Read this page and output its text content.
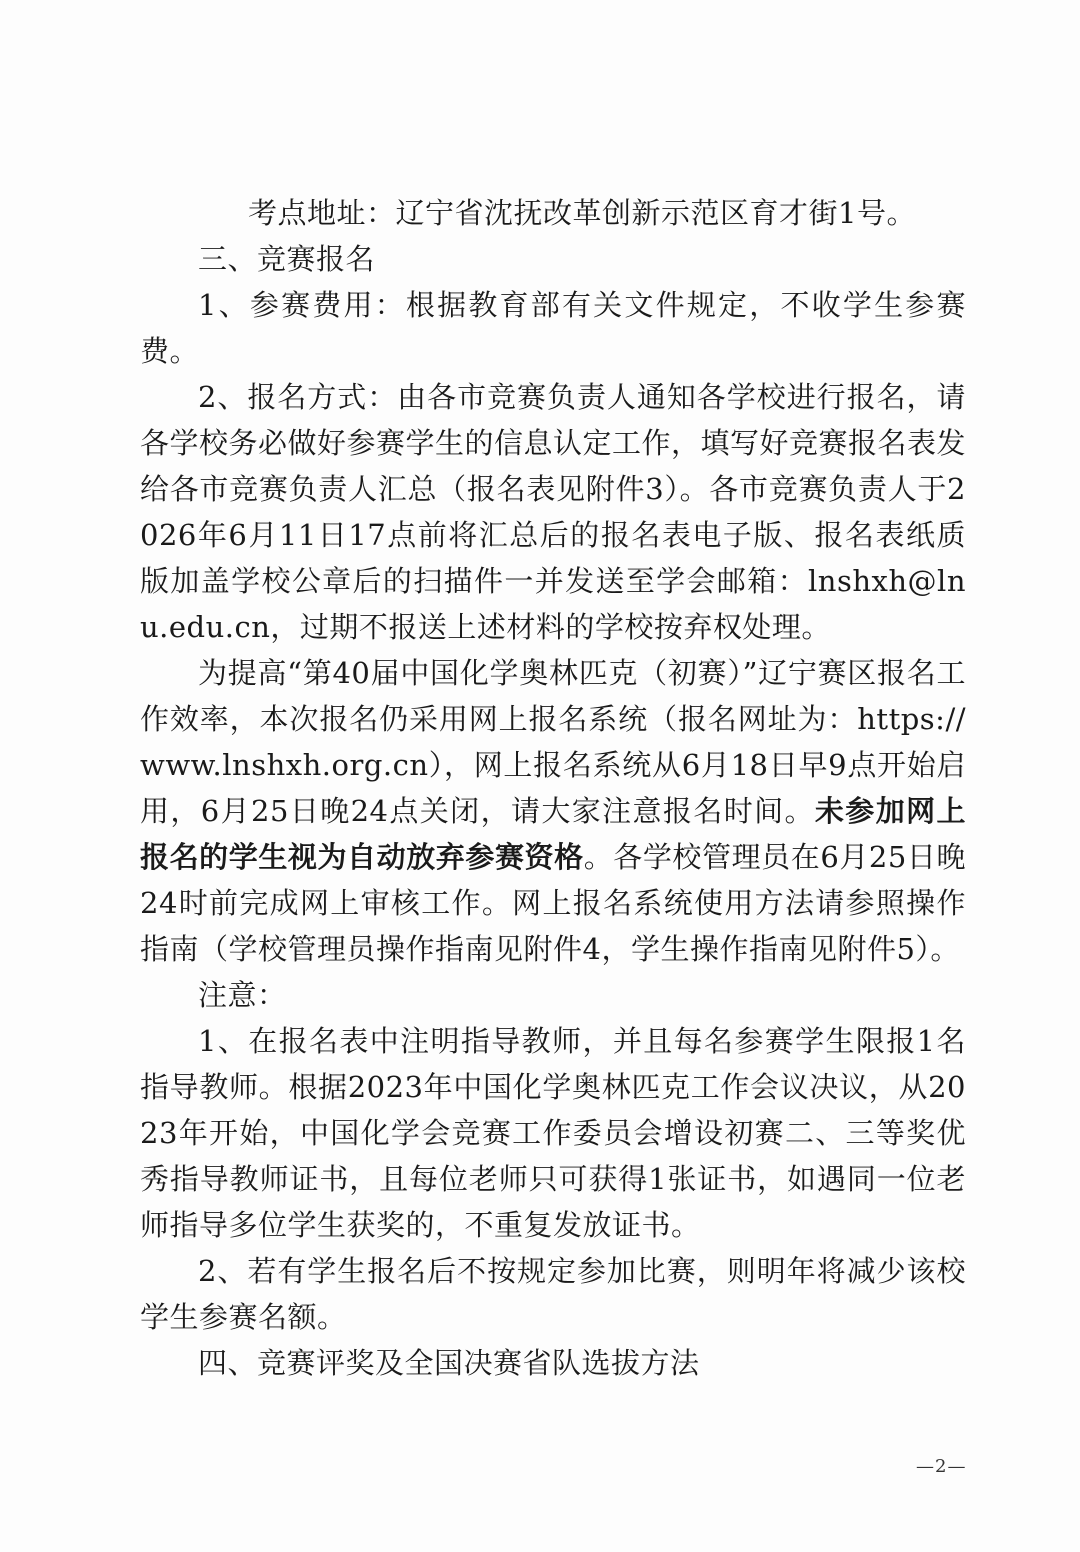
考点地址：辽宁省沈抚改革创新示范区育才街1号。

三、竞赛报名

1、参赛费用：根据教育部有关文件规定，不收学生参赛费。

2、报名方式：由各市竞赛负责人通知各学校进行报名，请各学校务必做好参赛学生的信息认定工作，填写好竞赛报名表发给各市竞赛负责人汇总（报名表见附件3）。各市竞赛负责人于2026年6月11日17点前将汇总后的报名表电子版、报名表纸质版加盖学校公章后的扫描件一并发送至学会邮箱：lnshxh@lnu.edu.cn，过期不报送上述材料的学校按弃权处理。

为提高“第40届中国化学奥林匹克（初赛）”辽宁赛区报名工作效率，本次报名仍采用网上报名系统（报名网址为：https://www.lnshxh.org.cn），网上报名系统从6月18日早9点开始启用，6月25日晚24点关闭，请大家注意报名时间。未参加网上报名的学生视为自动放弃参赛资格。各学校管理员在6月25日晚24时前完成网上审核工作。网上报名系统使用方法请参照操作指南（学校管理员操作指南见附件4，学生操作指南见附件5）。

注意：

1、在报名表中注明指导教师，并且每名参赛学生限报1名指导教师。根据2023年中国化学奥林匹克工作会议决议，从2023年开始，中国化学会竞赛工作委员会增设初赛二、三等奖优秀指导教师证书，且每位老师只可获得1张证书，如遇同一位老师指导多位学生获奖的，不重复发放证书。

2、若有学生报名后不按规定参加比赛，则明年将减少该校学生参赛名额。

四、竞赛评奖及全国决赛省队选拔方法

—2—
